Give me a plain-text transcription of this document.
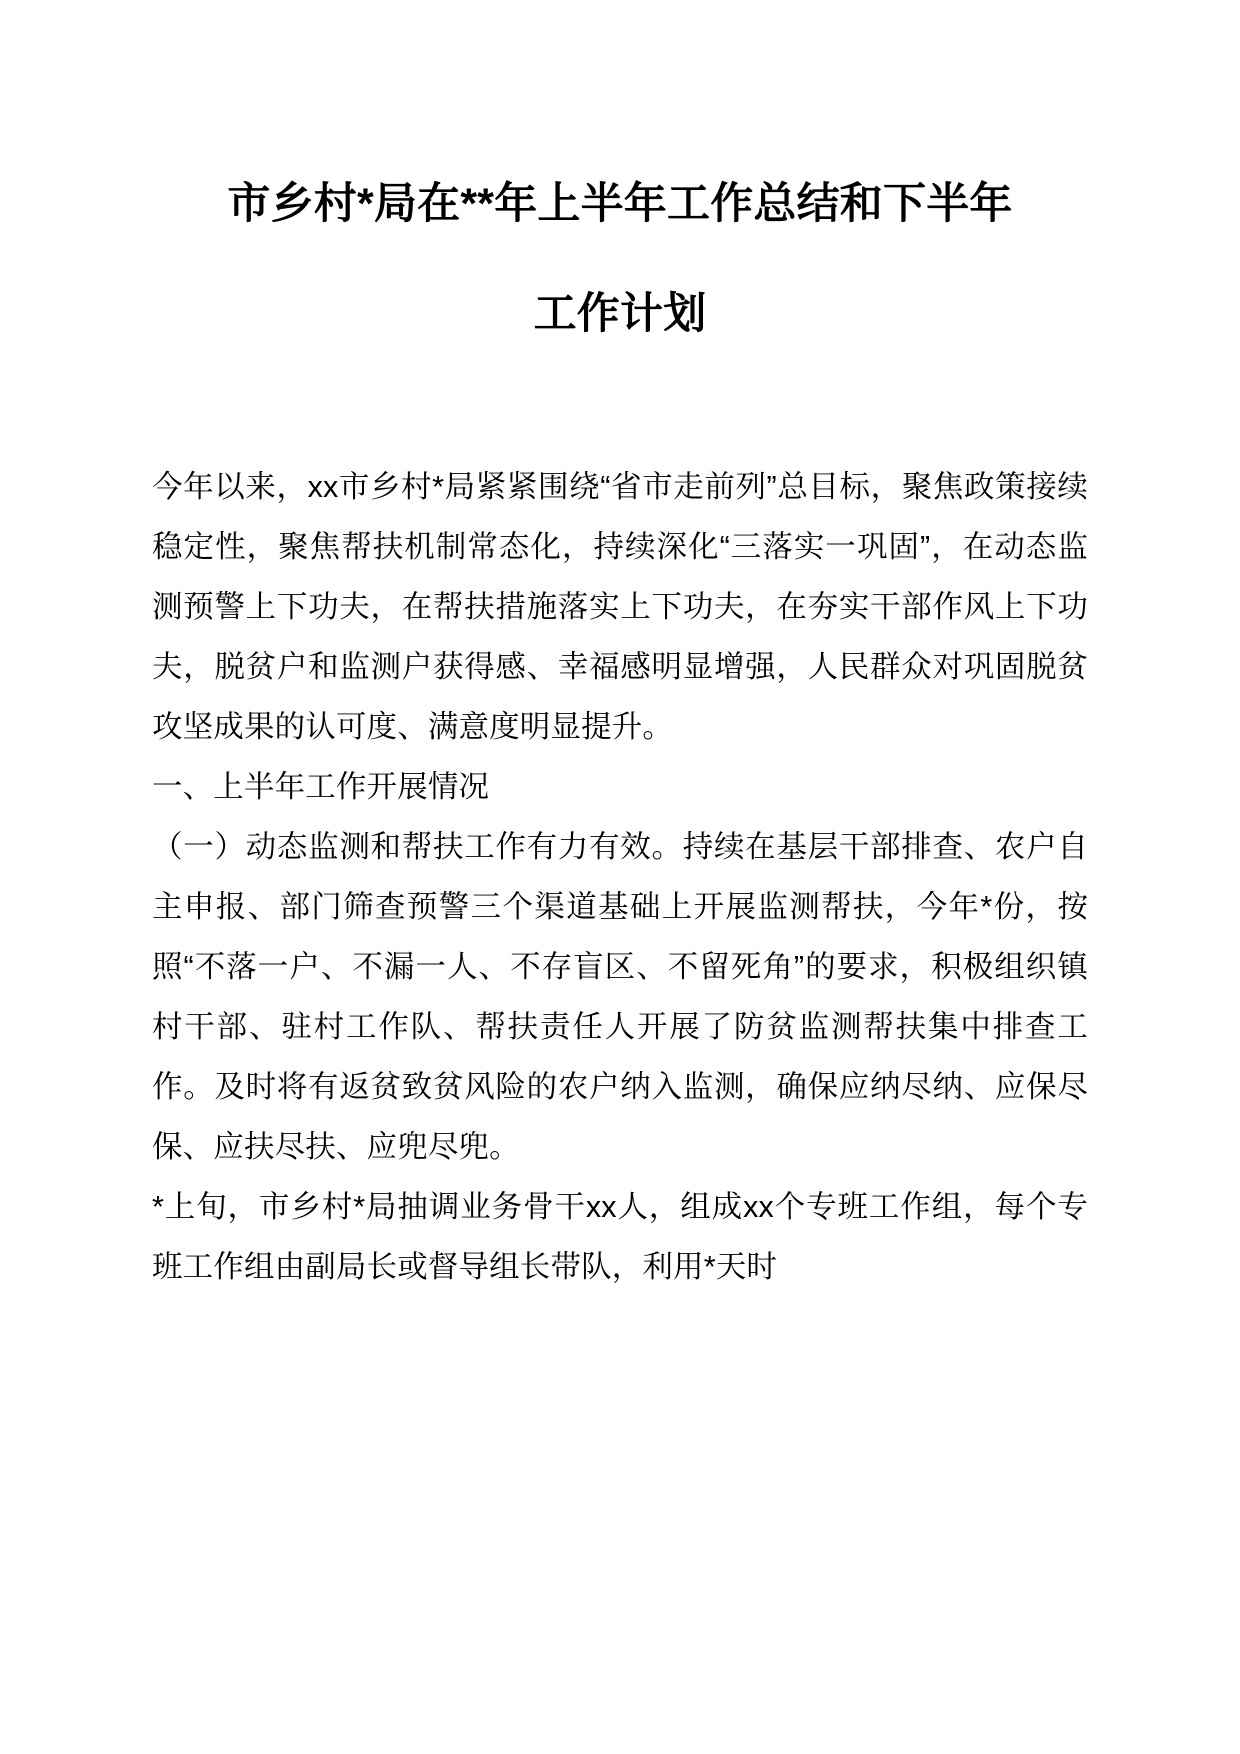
市乡村*局在**年上半年工作总结和下半年
工作计划

今年以来，xx市乡村*局紧紧围绕“省市走前列”总目标，聚焦政策接续稳定性，聚焦帮扶机制常态化，持续深化“三落实一巩固”，在动态监测预警上下功夫，在帮扶措施落实上下功夫，在夯实干部作风上下功夫，脱贫户和监测户获得感、幸福感明显增强，人民群众对巩固脱贫攻坚成果的认可度、满意度明显提升。

一、上半年工作开展情况

（一）动态监测和帮扶工作有力有效。持续在基层干部排查、农户自主申报、部门筛查预警三个渠道基础上开展监测帮扶，今年*份，按照“不落一户、不漏一人、不存盲区、不留死角”的要求，积极组织镇村干部、驻村工作队、帮扶责任人开展了防贫监测帮扶集中排查工作。及时将有返贫致贫风险的农户纳入监测，确保应纳尽纳、应保尽保、应扶尽扶、应兜尽兜。

*上旬，市乡村*局抽调业务骨干xx人，组成xx个专班工作组，每个专班工作组由副局长或督导组长带队，利用*天时
